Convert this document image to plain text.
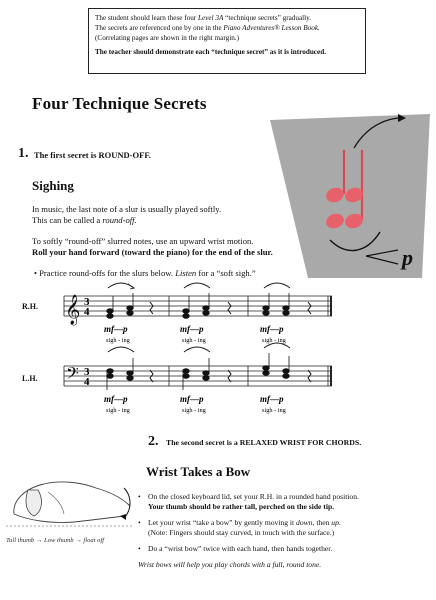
The student should learn these four Level 3A “technique secrets” gradually.

The secrets are referenced one by one in the Piano Adventures® Lesson Book.

(Correlating pages are shown in the right margin.)

The teacher should demonstrate each “technique secret” as it is introduced.

Four Technique Secrets
p
1. The first secret is ROUND-OFF.
Sighing
In music, the last note of a slur is usually played softly.
This can be called a round-off.
To softly “round-off” slurred notes, use an upward wrist motion.
Roll your hand forward (toward the piano) for the end of the slur.
• Practice round-offs for the slurs below. Listen for a “soft sigh.”
R.H.
L.H.
𝄞
𝄢
3
4
3
4
mf—p
sigh - ing
mf—p
sigh - ing
mf—p
sigh - ing
mf—p
sigh - ing
mf—p
sigh - ing
mf—p
sigh - ing
2. The second secret is a RELAXED WRIST FOR CHORDS.
Wrist Takes a Bow
Tall thumb → Low thumb → float off
• On the closed keyboard lid, set your R.H. in a rounded hand position.
Your thumb should be rather tall, perched on the side tip.
• Let your wrist “take a bow” by gently moving it down, then up.
(Note: Fingers should stay curved, in touch with the surface.)
• Do a “wrist bow” twice with each hand, then hands together.
Wrist bows will help you play chords with a full, round tone.
